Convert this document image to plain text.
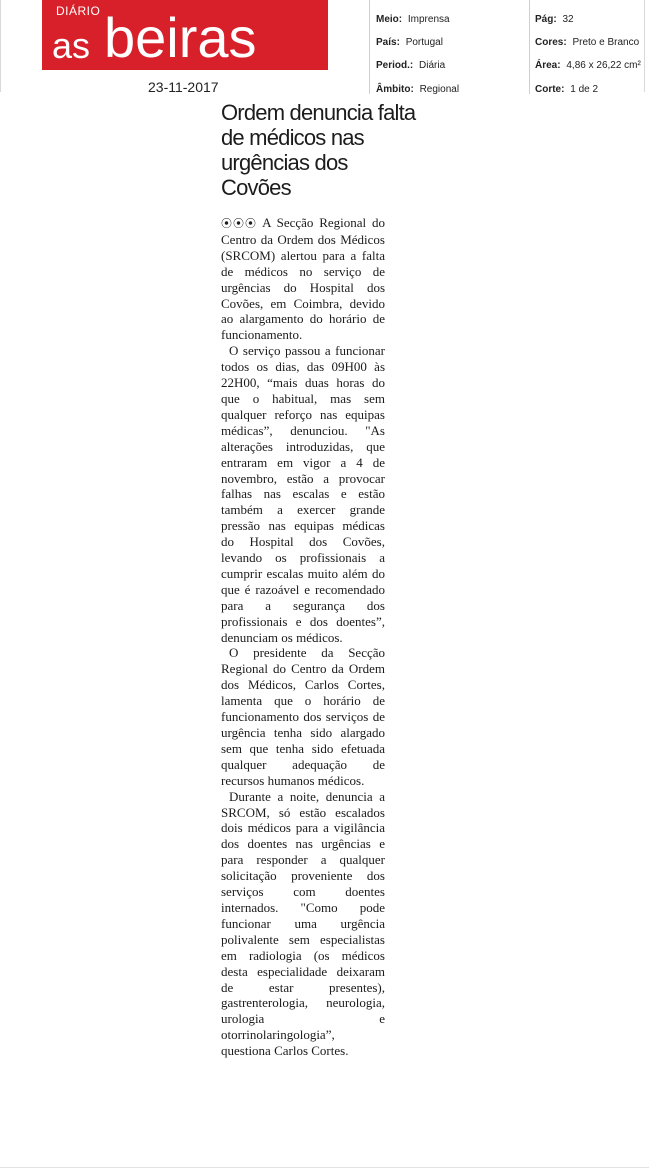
DIÁRIO
as beiras
23-11-2017
Meio: Imprensa
País: Portugal
Period.: Diária
Âmbito: Regional
Pág: 32
Cores: Preto e Branco
Área: 4,86 x 26,22 cm²
Corte: 1 de 2
Ordem denuncia falta de médicos nas urgências dos Covões

⦿⦿⦿ A Secção Regional do Centro da Ordem dos Médicos (SRCOM) alertou para a falta de médicos no serviço de urgências do Hospital dos Covões, em Coimbra, devido ao alargamento do horário de funcionamento.

O serviço passou a funcionar todos os dias, das 09H00 às 22H00, “mais duas horas do que o habitual, mas sem qualquer reforço nas equipas médicas”, denunciou. "As alterações introduzidas, que entraram em vigor a 4 de novembro, estão a provocar falhas nas escalas e estão também a exercer grande pressão nas equipas médicas do Hospital dos Covões, levando os profissionais a cumprir escalas muito além do que é razoável e recomendado para a segurança dos profissionais e dos doentes”, denunciam os médicos.

O presidente da Secção Regional do Centro da Ordem dos Médicos, Carlos Cortes, lamenta que o horário de funcionamento dos serviços de urgência tenha sido alargado sem que tenha sido efetuada qualquer adequação de recursos humanos médicos.

Durante a noite, denuncia a SRCOM, só estão escalados dois médicos para a vigilância dos doentes nas urgências e para responder a qualquer solicitação proveniente dos serviços com doentes internados. "Como pode funcionar uma urgência polivalente sem especialistas em radiologia (os médicos desta especialidade deixaram de estar presentes), gastrenterologia, neurologia, urologia e otorrinolaringologia”, questiona Carlos Cortes.
